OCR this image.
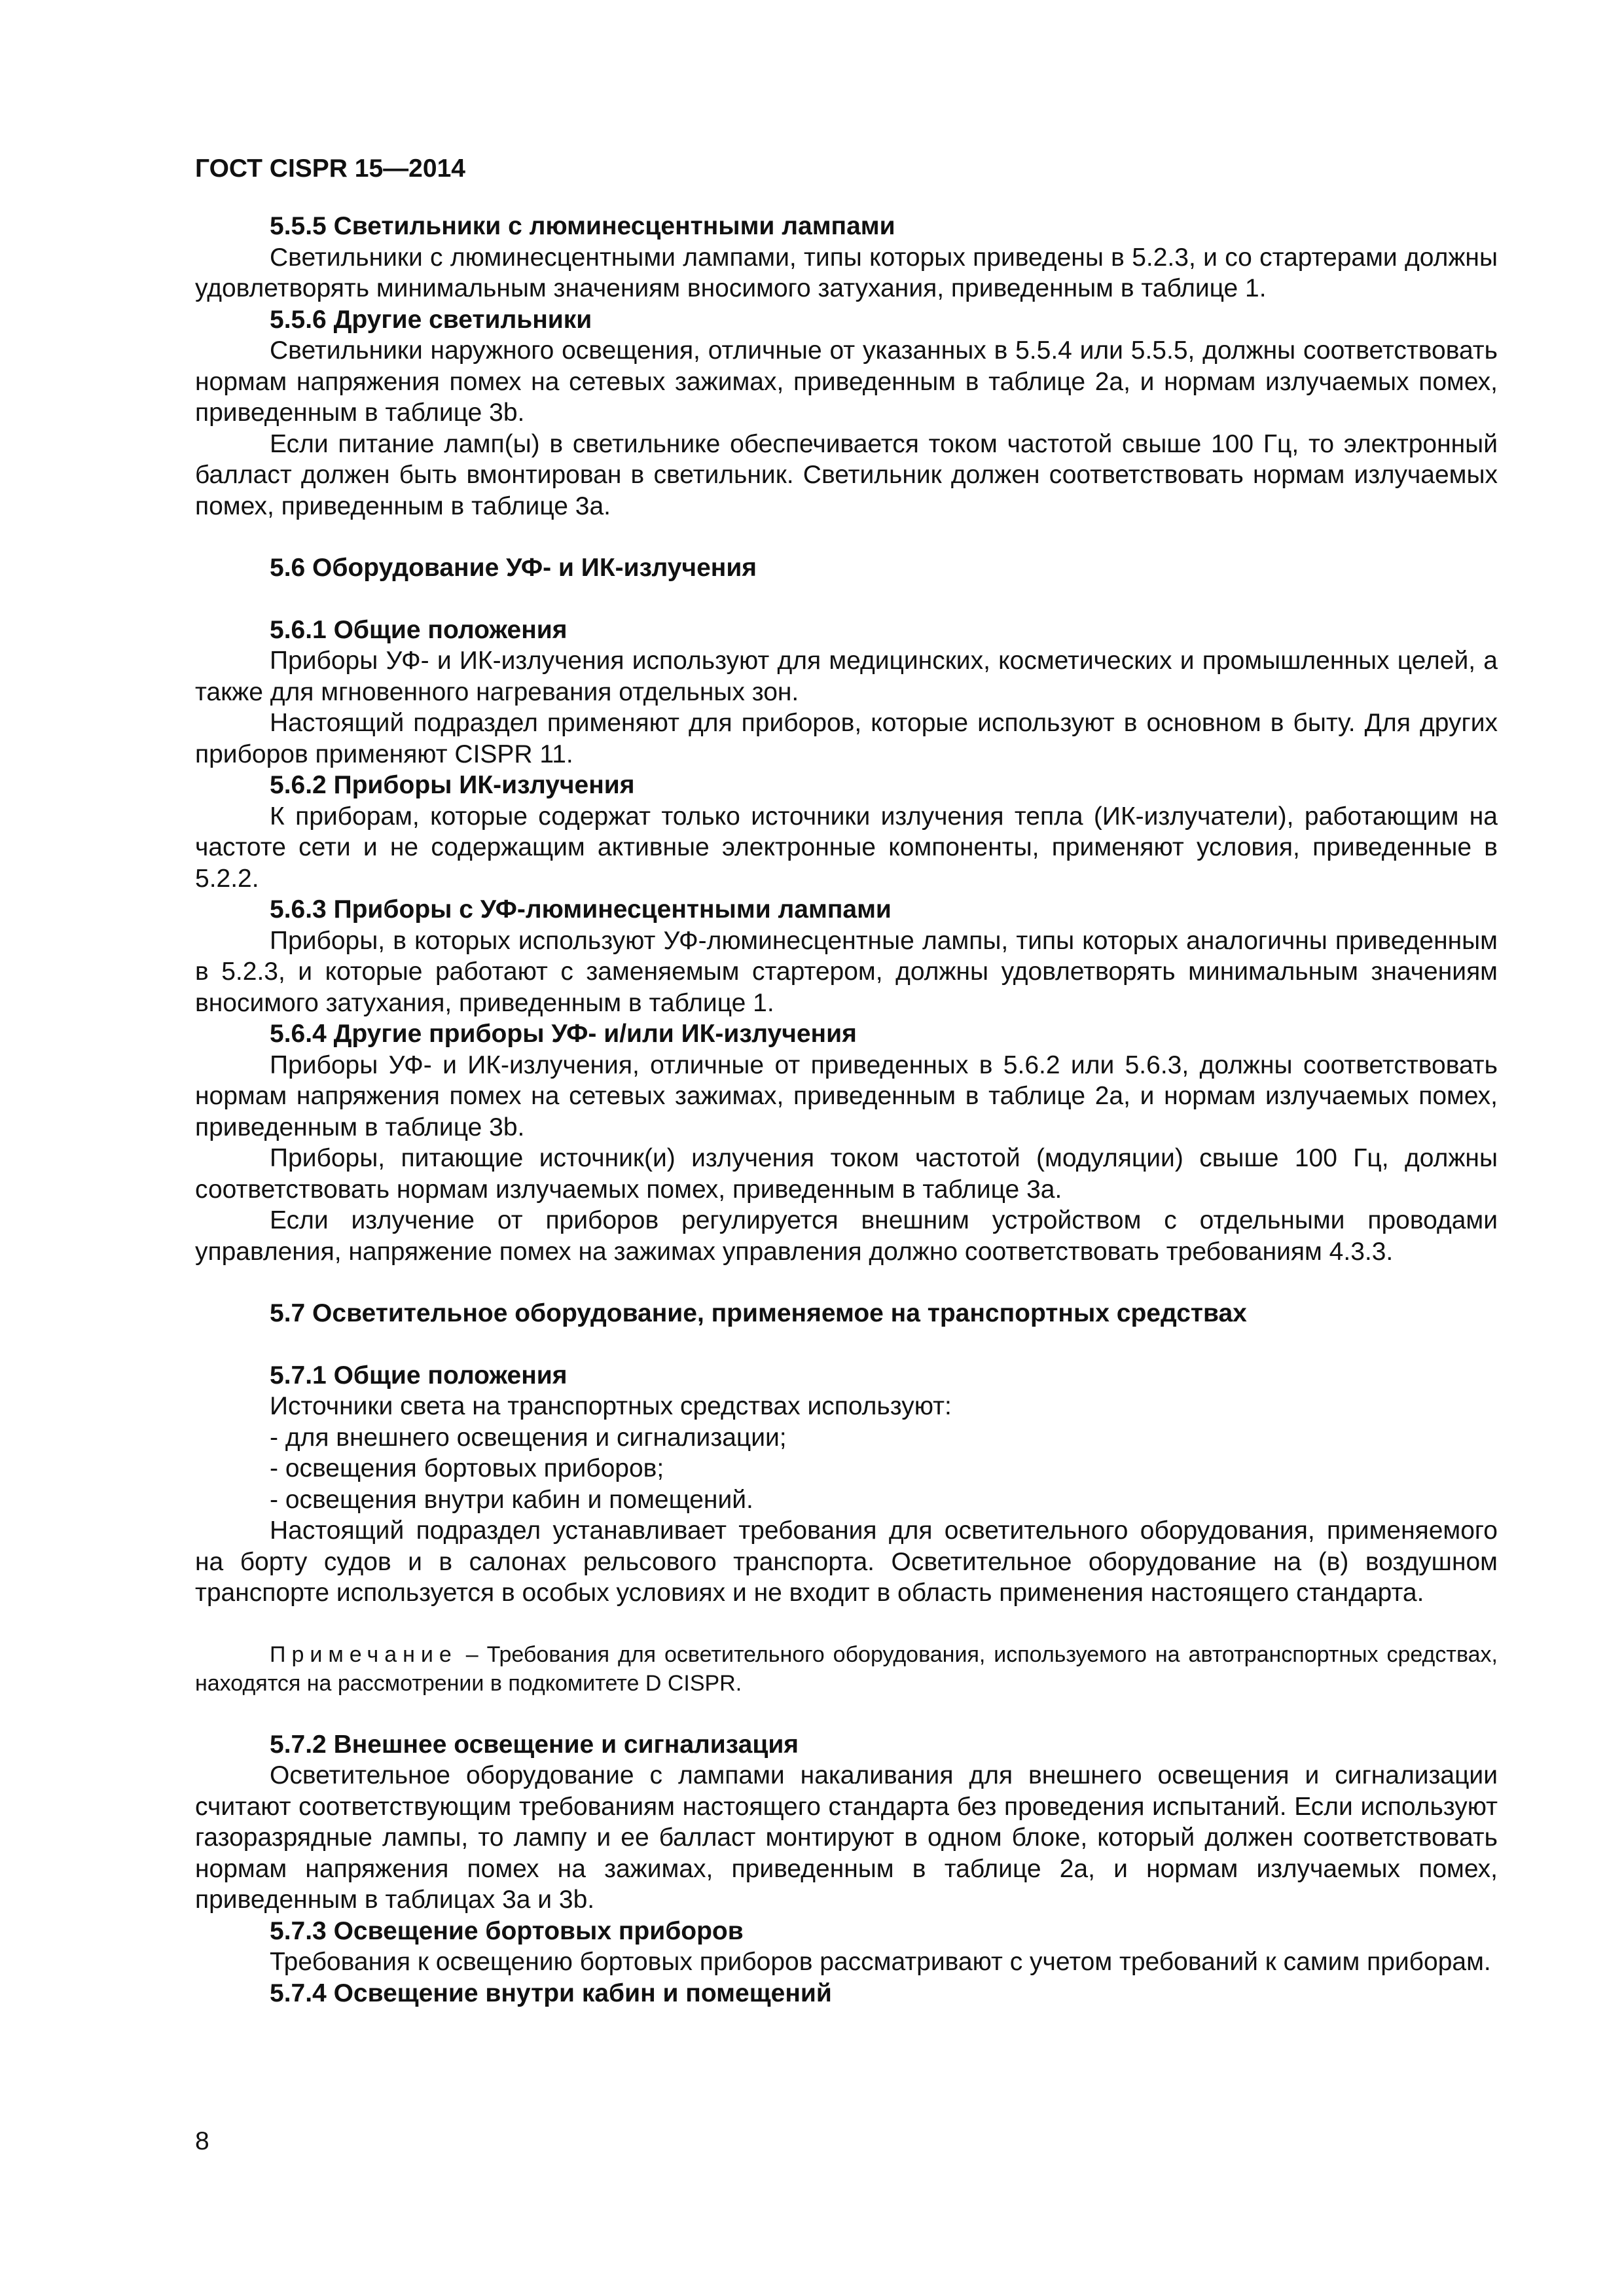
ГОСТ CISPR 15—2014
5.5.5 Светильники с люминесцентными лампами
Светильники с люминесцентными лампами, типы которых приведены в 5.2.3, и со стартерами должны удовлетворять минимальным значениям вносимого затухания, приведенным в таблице 1.
5.5.6 Другие светильники
Светильники наружного освещения, отличные от указанных в 5.5.4 или 5.5.5, должны соответствовать нормам напряжения помех на сетевых зажимах, приведенным в таблице 2a, и нормам излучаемых помех, приведенным в таблице 3b.
Если питание ламп(ы) в светильнике обеспечивается током частотой свыше 100 Гц, то электронный балласт должен быть вмонтирован в светильник. Светильник должен соответствовать нормам излучаемых помех, приведенным в таблице 3a.
5.6 Оборудование УФ- и ИК-излучения
5.6.1 Общие положения
Приборы УФ- и ИК-излучения используют для медицинских, косметических и промышленных целей, а также для мгновенного нагревания отдельных зон.
Настоящий подраздел применяют для приборов, которые используют в основном в быту. Для других приборов применяют CISPR 11.
5.6.2 Приборы ИК-излучения
К приборам, которые содержат только источники излучения тепла (ИК-излучатели), работающим на частоте сети и не содержащим активные электронные компоненты, применяют условия, приведенные в 5.2.2.
5.6.3 Приборы с УФ-люминесцентными лампами
Приборы, в которых используют УФ-люминесцентные лампы, типы которых аналогичны приведенным в 5.2.3, и которые работают с заменяемым стартером, должны удовлетворять минимальным значениям вносимого затухания, приведенным в таблице 1.
5.6.4 Другие приборы УФ- и/или ИК-излучения
Приборы УФ- и ИК-излучения, отличные от приведенных в 5.6.2 или 5.6.3, должны соответствовать нормам напряжения помех на сетевых зажимах, приведенным в таблице 2a, и нормам излучаемых помех, приведенным в таблице 3b.
Приборы, питающие источник(и) излучения током частотой (модуляции) свыше 100 Гц, должны соответствовать нормам излучаемых помех, приведенным в таблице 3a.
Если излучение от приборов регулируется внешним устройством с отдельными проводами управления, напряжение помех на зажимах управления должно соответствовать требованиям 4.3.3.
5.7 Осветительное оборудование, применяемое на транспортных средствах
5.7.1 Общие положения
Источники света на транспортных средствах используют:
- для внешнего освещения и сигнализации;
- освещения бортовых приборов;
- освещения внутри кабин и помещений.
Настоящий подраздел устанавливает требования для осветительного оборудования, применяемого на борту судов и в салонах рельсового транспорта. Осветительное оборудование на (в) воздушном транспорте используется в особых условиях и не входит в область применения настоящего стандарта.
Примечание – Требования для осветительного оборудования, используемого на автотранспортных средствах, находятся на рассмотрении в подкомитете D CISPR.
5.7.2 Внешнее освещение и сигнализация
Осветительное оборудование с лампами накаливания для внешнего освещения и сигнализации считают соответствующим требованиям настоящего стандарта без проведения испытаний. Если используют газоразрядные лампы, то лампу и ее балласт монтируют в одном блоке, который должен соответствовать нормам напряжения помех на зажимах, приведенным в таблице 2a, и нормам излучаемых помех, приведенным в таблицах 3a и 3b.
5.7.3 Освещение бортовых приборов
Требования к освещению бортовых приборов рассматривают с учетом требований к самим приборам.
5.7.4 Освещение внутри кабин и помещений
8
